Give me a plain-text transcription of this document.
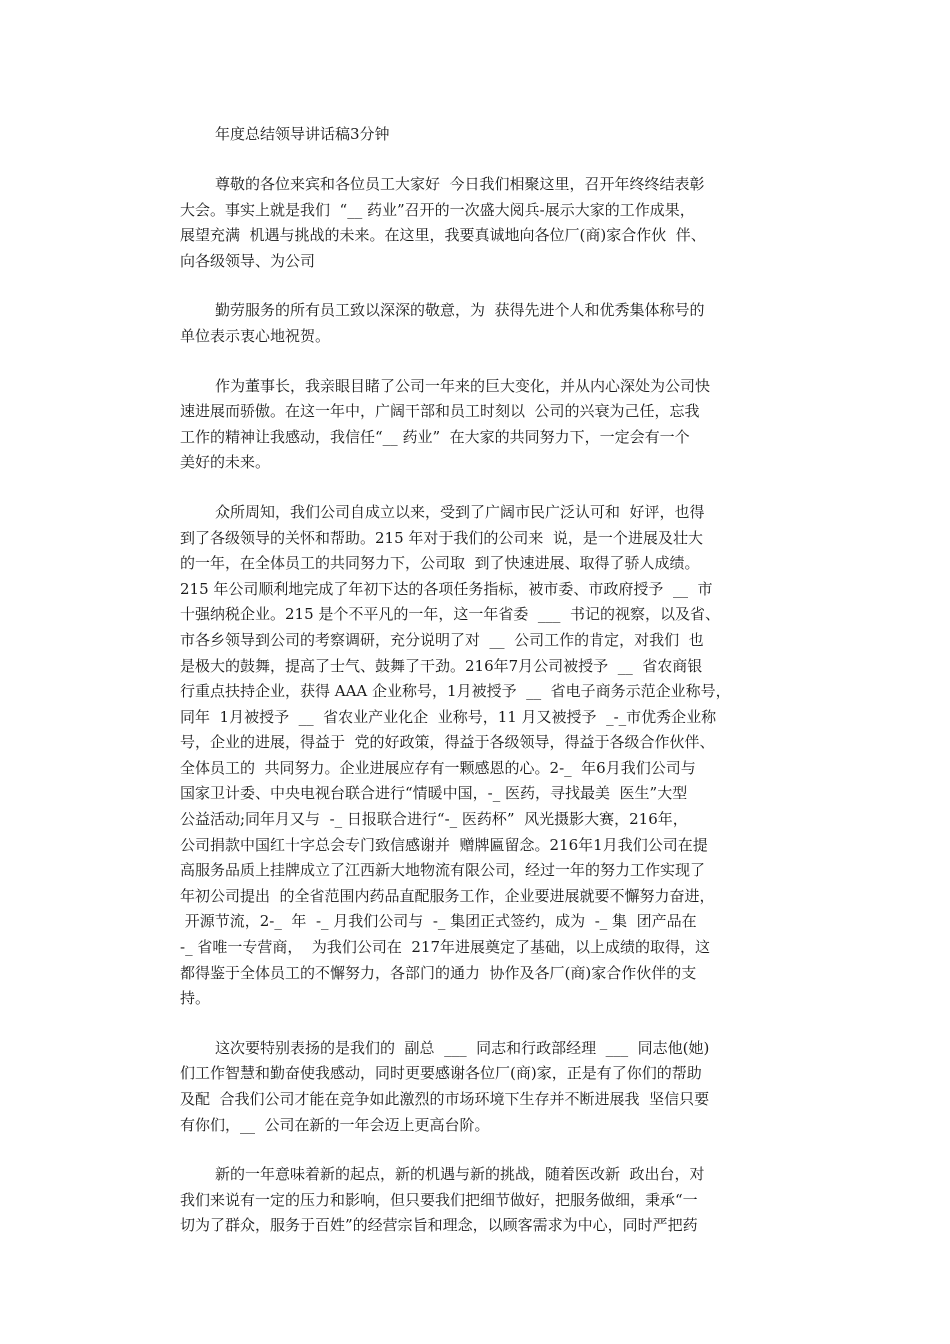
年度总结领导讲话稿3分钟
尊敬的各位来宾和各位员工大家好  今日我们相聚这里，召开年终终结表彰
大会。事实上就是我们  “__ 药业”召开的一次盛大阅兵-展示大家的工作成果，
展望充满  机遇与挑战的未来。在这里，我要真诚地向各位厂(商)家合作伙  伴、
向各级领导、为公司
勤劳服务的所有员工致以深深的敬意，为  获得先进个人和优秀集体称号的
单位表示衷心地祝贺。
作为董事长，我亲眼目睹了公司一年来的巨大变化，并从内心深处为公司快
速进展而骄傲。在这一年中，广阔干部和员工时刻以  公司的兴衰为己任，忘我
工作的精神让我感动，我信任“__ 药业”  在大家的共同努力下，一定会有一个
美好的未来。
众所周知，我们公司自成立以来，受到了广阔市民广泛认可和  好评，也得
到了各级领导的关怀和帮助。215 年对于我们的公司来  说，是一个进展及壮大
的一年，在全体员工的共同努力下，公司取  到了快速进展、取得了骄人成绩。
215 年公司顺利地完成了年初下达的各项任务指标，被市委、市政府授予  __  市
十强纳税企业。215 是个不平凡的一年，这一年省委  ___  书记的视察，以及省、
市各乡领导到公司的考察调研，充分说明了对  __  公司工作的肯定，对我们  也
是极大的鼓舞，提高了士气、鼓舞了干劲。216年7月公司被授予  __  省农商银
行重点扶持企业，获得 AAA 企业称号，1月被授予  __  省电子商务示范企业称号，
同年  1月被授予  __  省农业产业化企  业称号，11 月又被授予  _-_市优秀企业称
号，企业的进展，得益于  党的好政策，得益于各级领导，得益于各级合作伙伴、
全体员工的  共同努力。企业进展应存有一颗感恩的心。2-_  年6月我们公司与
国家卫计委、中央电视台联合进行“情暖中国，-_ 医药，寻找最美  医生”大型
公益活动;同年月又与  -_ 日报联合进行“-_ 医药杯”  风光摄影大赛，216年，
公司捐款中国红十字总会专门致信感谢并  赠牌匾留念。216年1月我们公司在提
高服务品质上挂牌成立了江西新大地物流有限公司，经过一年的努力工作实现了
年初公司提出  的全省范围内药品直配服务工作，企业要进展就要不懈努力奋进，
开源节流，2-_  年  -_ 月我们公司与  -_ 集团正式签约，成为  -_ 集  团产品在
-_ 省唯一专营商，  为我们公司在  217年进展奠定了基础，以上成绩的取得，这
都得鉴于全体员工的不懈努力，各部门的通力  协作及各厂(商)家合作伙伴的支
持。
这次要特别表扬的是我们的  副总  ___  同志和行政部经理  ___  同志他(她)
们工作智慧和勤奋使我感动，同时更要感谢各位厂(商)家，正是有了你们的帮助
及配  合我们公司才能在竞争如此激烈的市场环境下生存并不断进展我  坚信只要
有你们，__  公司在新的一年会迈上更高台阶。
新的一年意味着新的起点，新的机遇与新的挑战，随着医改新  政出台，对
我们来说有一定的压力和影响，但只要我们把细节做好，把服务做细，秉承“一
切为了群众，服务于百姓”的经营宗旨和理念，以顾客需求为中心，同时严把药
